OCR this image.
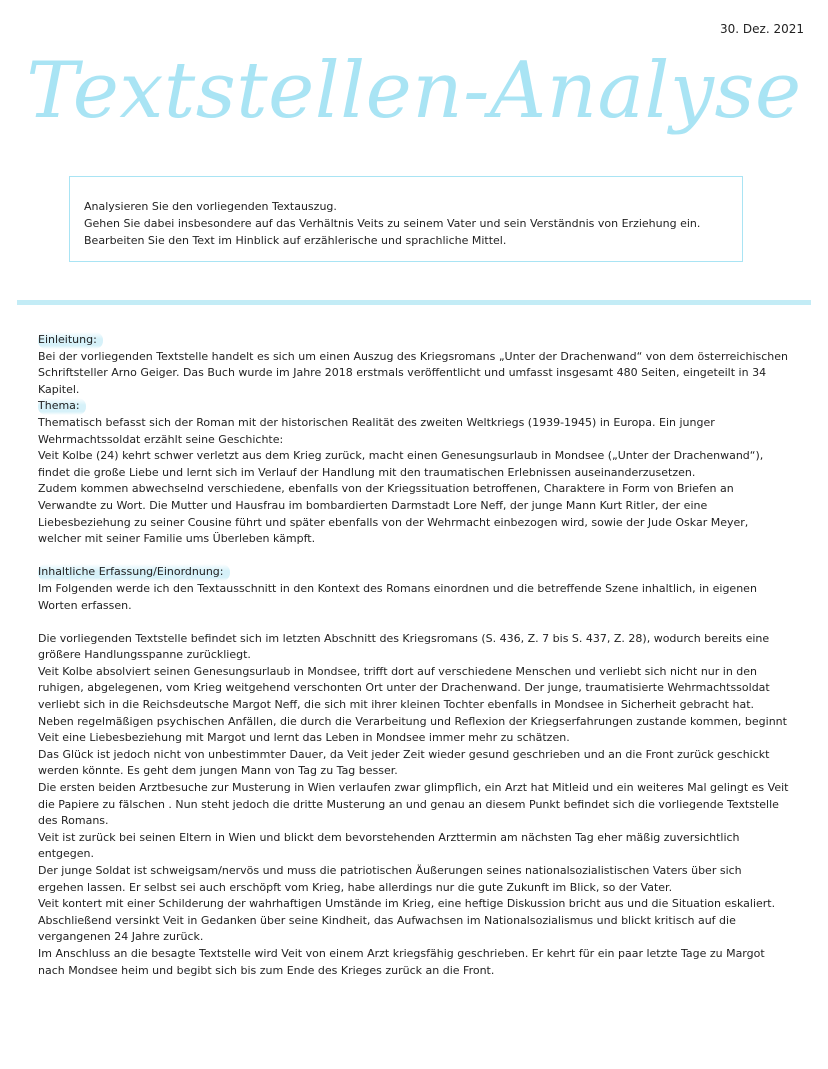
30. Dez. 2021
Textstellen-Analyse
Analysieren Sie den vorliegenden Textauszug.
Gehen Sie dabei insbesondere auf das Verhältnis Veits zu seinem Vater und sein Verständnis von Erziehung ein.
Bearbeiten Sie den Text im Hinblick auf erzählerische und sprachliche Mittel.

Einleitung:

Bei der vorliegenden Textstelle handelt es sich um einen Auszug des Kriegsromans „Unter der Drachenwand“ von dem österreichischen Schriftsteller Arno Geiger. Das Buch wurde im Jahre 2018 erstmals veröffentlicht und umfasst insgesamt 480 Seiten, eingeteilt in 34 Kapitel.

Thema:

Thematisch befasst sich der Roman mit der historischen Realität des zweiten Weltkriegs (1939-1945) in Europa. Ein junger Wehrmachtssoldat erzählt seine Geschichte:

Veit Kolbe (24) kehrt schwer verletzt aus dem Krieg zurück, macht einen Genesungsurlaub in Mondsee („Unter der Drachenwand“), findet die große Liebe und lernt sich im Verlauf der Handlung mit den traumatischen Erlebnissen auseinanderzusetzen.

Zudem kommen abwechselnd verschiedene, ebenfalls von der Kriegssituation betroffenen, Charaktere in Form von Briefen an Verwandte zu Wort. Die Mutter und Hausfrau im bombardierten Darmstadt Lore Neff, der junge Mann Kurt Ritler, der eine Liebesbeziehung zu seiner Cousine führt und später ebenfalls von der Wehrmacht einbezogen wird, sowie der Jude Oskar Meyer, welcher mit seiner Familie ums Überleben kämpft.

Inhaltliche Erfassung/Einordnung:

Im Folgenden werde ich den Textausschnitt in den Kontext des Romans einordnen und die betreffende Szene inhaltlich, in eigenen Worten erfassen.

Die vorliegenden Textstelle befindet sich im letzten Abschnitt des Kriegsromans (S. 436, Z. 7 bis S. 437, Z. 28), wodurch bereits eine größere Handlungsspanne zurückliegt.

Veit Kolbe absolviert seinen Genesungsurlaub in Mondsee, trifft dort auf verschiedene Menschen und verliebt sich nicht nur in den ruhigen, abgelegenen, vom Krieg weitgehend verschonten Ort unter der Drachenwand. Der junge, traumatisierte Wehrmachtssoldat verliebt sich in die Reichsdeutsche Margot Neff, die sich mit ihrer kleinen Tochter ebenfalls in Mondsee in Sicherheit gebracht hat. Neben regelmäßigen psychischen Anfällen, die durch die Verarbeitung und Reflexion der Kriegserfahrungen zustande kommen, beginnt Veit eine Liebesbeziehung mit Margot und lernt das Leben in Mondsee immer mehr zu schätzen.

Das Glück ist jedoch nicht von unbestimmter Dauer, da Veit jeder Zeit wieder gesund geschrieben und an die Front zurück geschickt werden könnte. Es geht dem jungen Mann von Tag zu Tag besser.

Die ersten beiden Arztbesuche zur Musterung in Wien verlaufen zwar glimpflich, ein Arzt hat Mitleid und ein weiteres Mal gelingt es Veit die Papiere zu fälschen . Nun steht jedoch die dritte Musterung an und genau an diesem Punkt befindet sich die vorliegende Textstelle des Romans.

Veit ist zurück bei seinen Eltern in Wien und blickt dem bevorstehenden Arzttermin am nächsten Tag eher mäßig zuversichtlich entgegen.

Der junge Soldat ist schweigsam/nervös und muss die patriotischen Äußerungen seines nationalsozialistischen Vaters über sich ergehen lassen. Er selbst sei auch erschöpft vom Krieg, habe allerdings nur die gute Zukunft im Blick, so der Vater.

Veit kontert mit einer Schilderung der wahrhaftigen Umstände im Krieg, eine heftige Diskussion bricht aus und die Situation eskaliert.

Abschließend versinkt Veit in Gedanken über seine Kindheit, das Aufwachsen im Nationalsozialismus und blickt kritisch auf die vergangenen 24 Jahre zurück.

Im Anschluss an die besagte Textstelle wird Veit von einem Arzt kriegsfähig geschrieben. Er kehrt für ein paar letzte Tage zu Margot nach Mondsee heim und begibt sich bis zum Ende des Krieges zurück an die Front.
